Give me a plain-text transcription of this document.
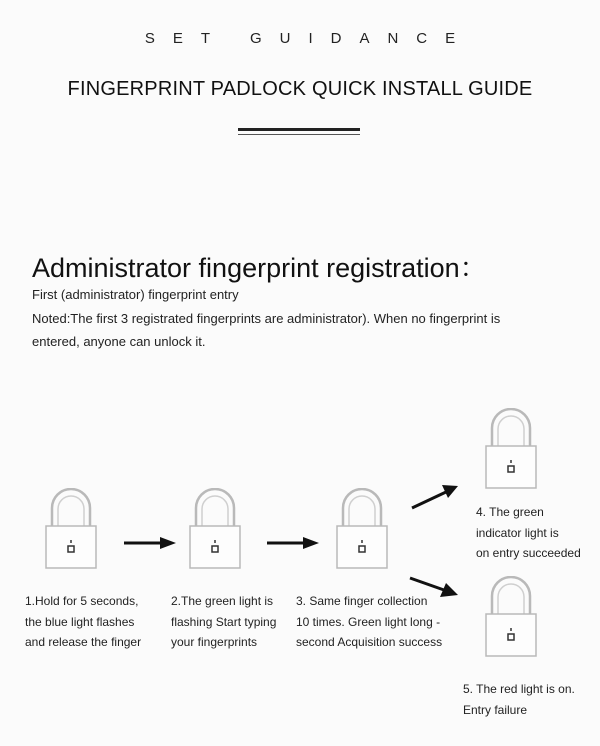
SET GUIDANCE
FINGERPRINT PADLOCK QUICK INSTALL GUIDE
Administrator fingerprint registration：
First (administrator) fingerprint entry
Noted:The first 3 registrated fingerprints are administrator). When no fingerprint is
entered, anyone can unlock it.
1.Hold for 5 seconds,
the blue light flashes
and release the finger
2.The green light is
flashing Start typing
your fingerprints
3. Same finger collection
10 times. Green light long -
second Acquisition success
4. The green
indicator light is
on entry succeeded
5. The red light is on.
Entry failure
